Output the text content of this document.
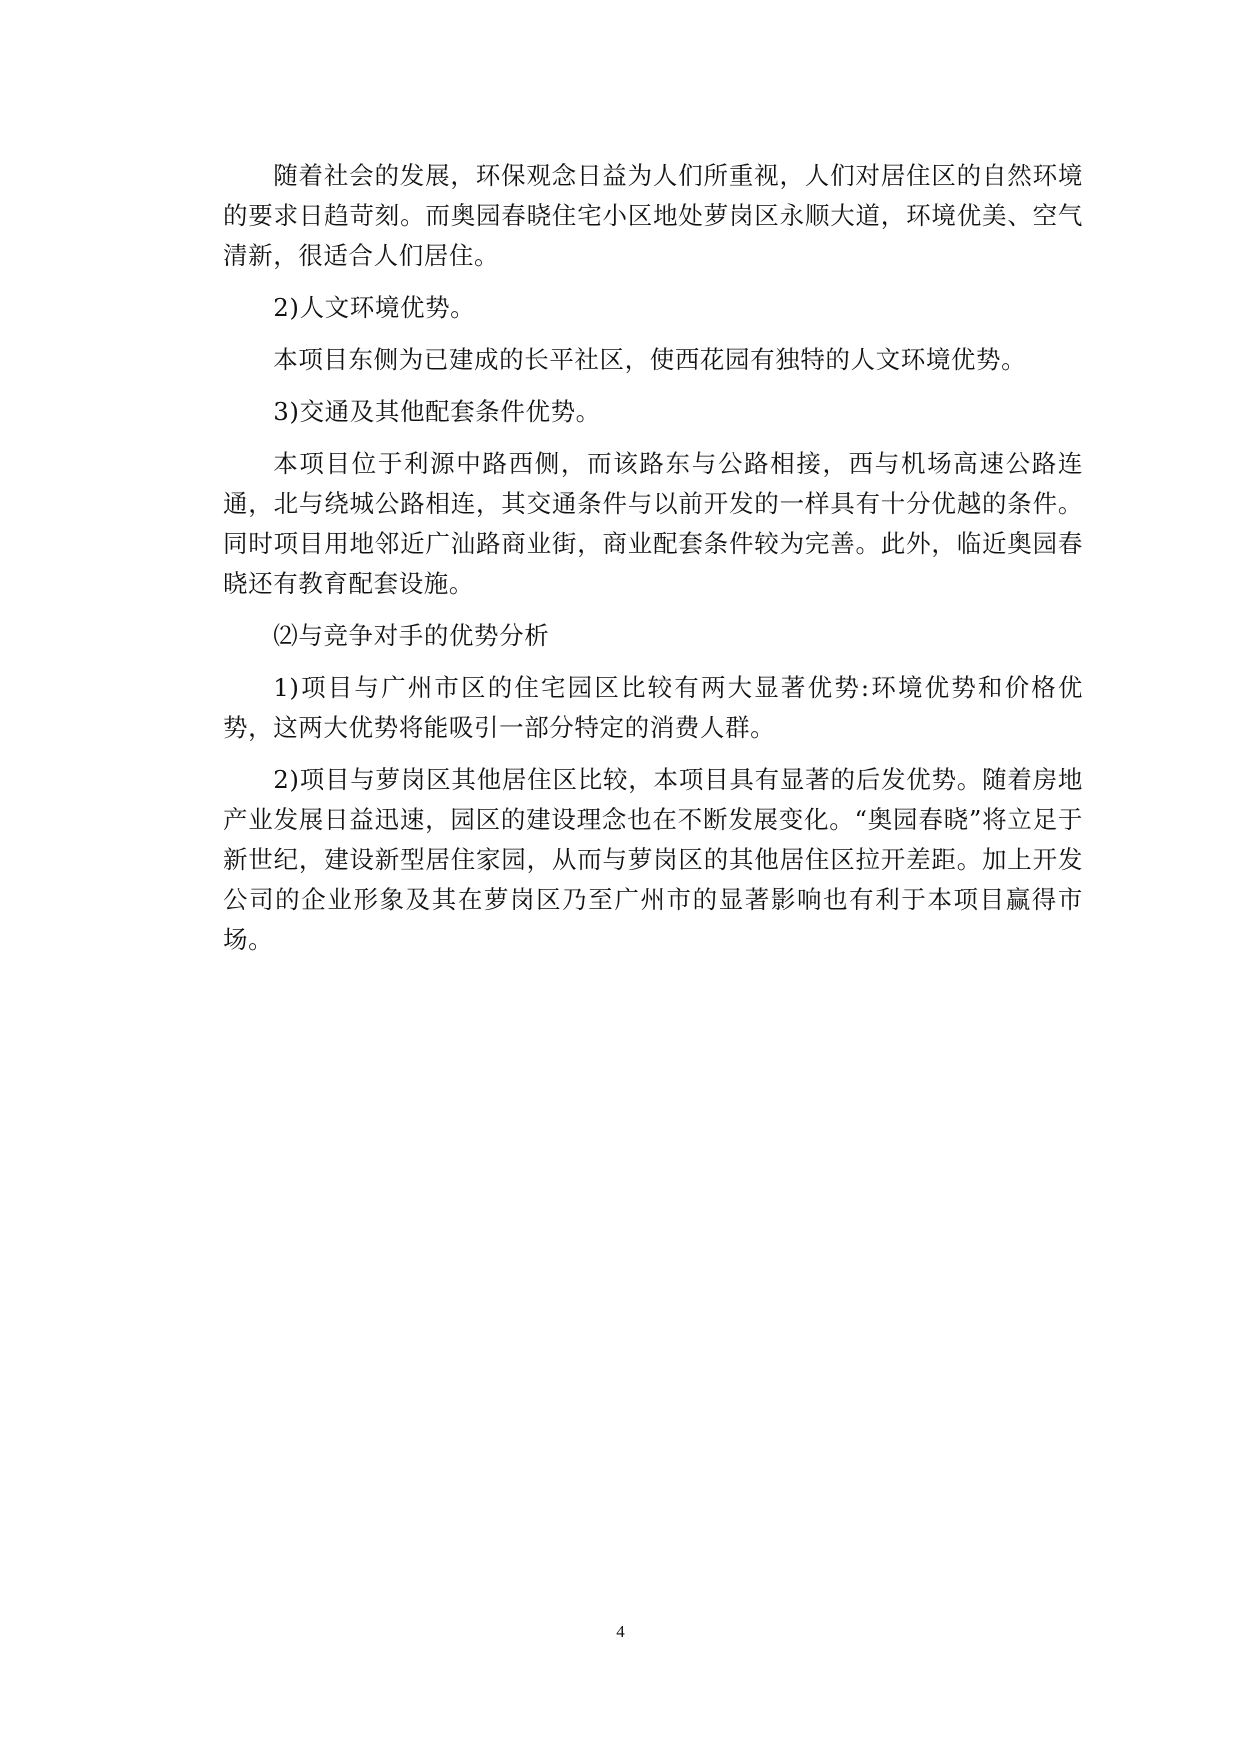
随着社会的发展，环保观念日益为人们所重视，人们对居住区的自然环境的要求日趋苛刻。而奥园春晓住宅小区地处萝岗区永顺大道，环境优美、空气清新，很适合人们居住。

2)人文环境优势。

本项目东侧为已建成的长平社区，使西花园有独特的人文环境优势。

3)交通及其他配套条件优势。

本项目位于利源中路西侧，而该路东与公路相接，西与机场高速公路连通，北与绕城公路相连，其交通条件与以前开发的一样具有十分优越的条件。同时项目用地邻近广汕路商业街，商业配套条件较为完善。此外，临近奥园春晓还有教育配套设施。

⑵与竞争对手的优势分析

1)项目与广州市区的住宅园区比较有两大显著优势:环境优势和价格优势，这两大优势将能吸引一部分特定的消费人群。

2)项目与萝岗区其他居住区比较，本项目具有显著的后发优势。随着房地产业发展日益迅速，园区的建设理念也在不断发展变化。“奥园春晓”将立足于新世纪，建设新型居住家园，从而与萝岗区的其他居住区拉开差距。加上开发公司的企业形象及其在萝岗区乃至广州市的显著影响也有利于本项目赢得市场。

4
